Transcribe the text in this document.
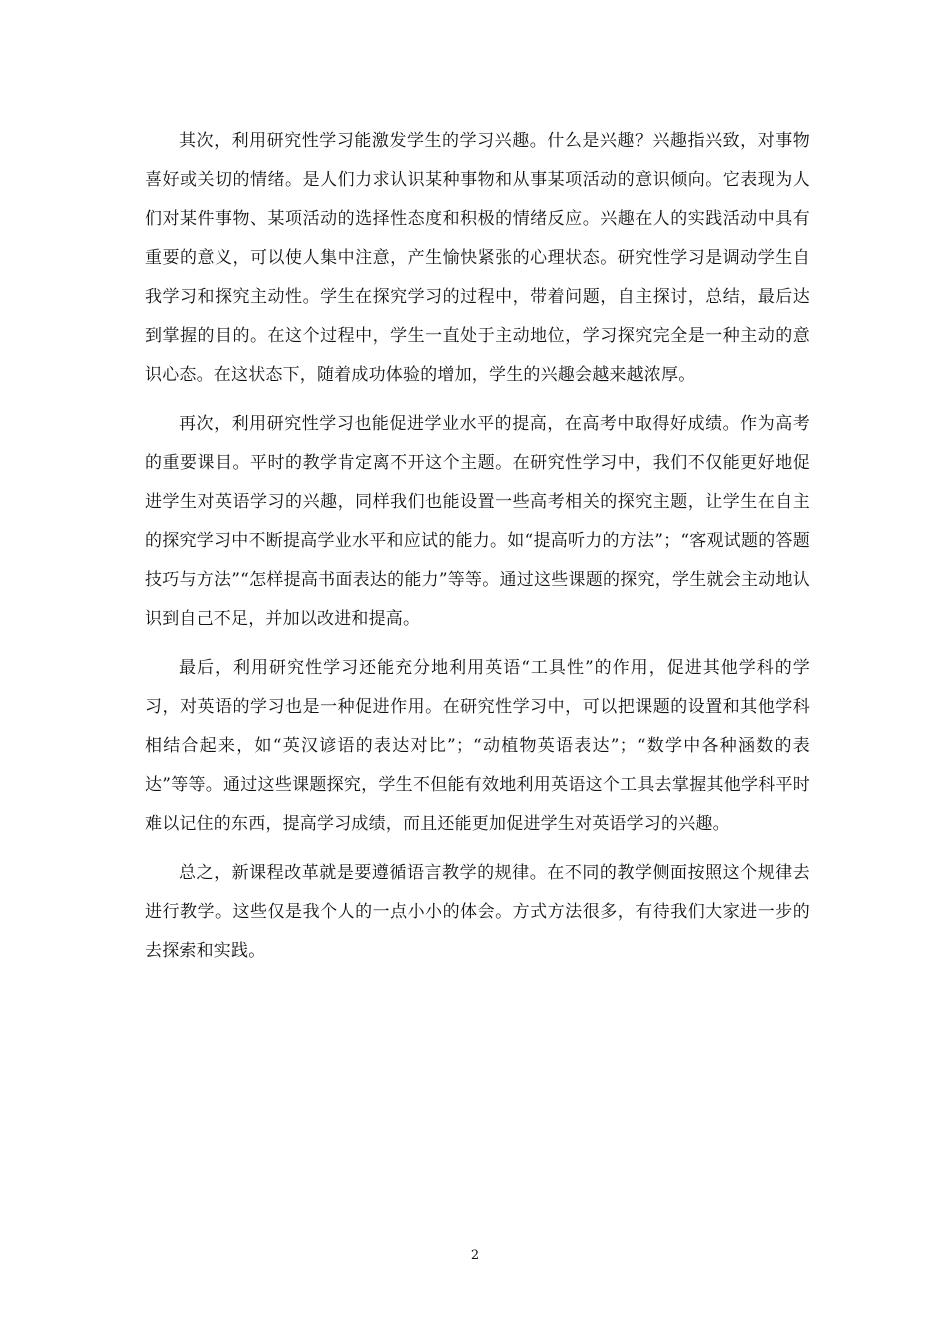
其次，利用研究性学习能激发学生的学习兴趣。什么是兴趣？兴趣指兴致，对事物喜好或关切的情绪。是人们力求认识某种事物和从事某项活动的意识倾向。它表现为人们对某件事物、某项活动的选择性态度和积极的情绪反应。兴趣在人的实践活动中具有重要的意义，可以使人集中注意，产生愉快紧张的心理状态。研究性学习是调动学生自我学习和探究主动性。学生在探究学习的过程中，带着问题，自主探讨，总结，最后达到掌握的目的。在这个过程中，学生一直处于主动地位，学习探究完全是一种主动的意识心态。在这状态下，随着成功体验的增加，学生的兴趣会越来越浓厚。

再次，利用研究性学习也能促进学业水平的提高，在高考中取得好成绩。作为高考的重要课目。平时的教学肯定离不开这个主题。在研究性学习中，我们不仅能更好地促进学生对英语学习的兴趣，同样我们也能设置一些高考相关的探究主题，让学生在自主的探究学习中不断提高学业水平和应试的能力。如“提高听力的方法”；“客观试题的答题技巧与方法”“怎样提高书面表达的能力”等等。通过这些课题的探究，学生就会主动地认识到自己不足，并加以改进和提高。

最后，利用研究性学习还能充分地利用英语“工具性”的作用，促进其他学科的学习，对英语的学习也是一种促进作用。在研究性学习中，可以把课题的设置和其他学科相结合起来，如“英汉谚语的表达对比”；“动植物英语表达”；“数学中各种涵数的表达”等等。通过这些课题探究，学生不但能有效地利用英语这个工具去掌握其他学科平时难以记住的东西，提高学习成绩，而且还能更加促进学生对英语学习的兴趣。

总之，新课程改革就是要遵循语言教学的规律。在不同的教学侧面按照这个规律去进行教学。这些仅是我个人的一点小小的体会。方式方法很多，有待我们大家进一步的去探索和实践。

2
